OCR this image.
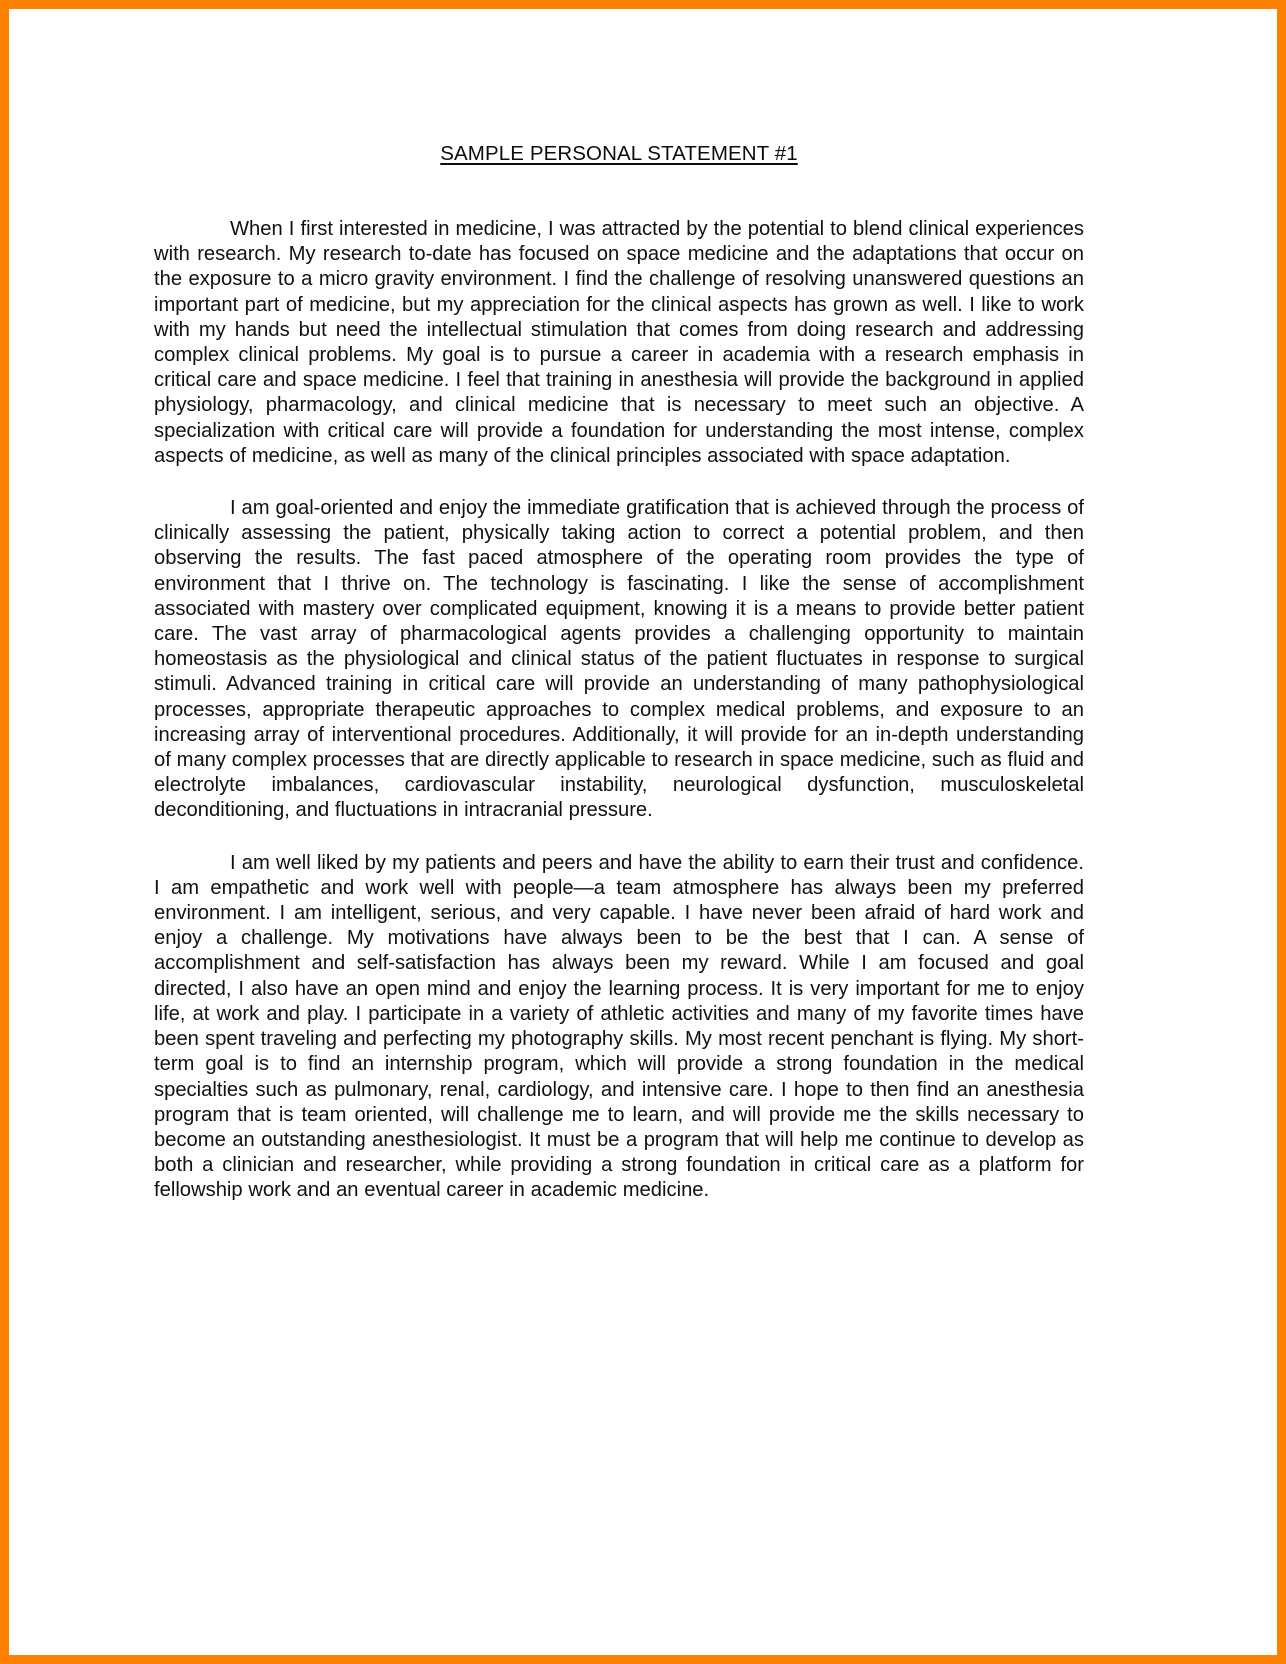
SAMPLE PERSONAL STATEMENT #1

When I first interested in medicine, I was attracted by the potential to blend clinical experiences with research. My research to-date has focused on space medicine and the adaptations that occur on the exposure to a micro gravity environment. I find the challenge of resolving unanswered questions an important part of medicine, but my appreciation for the clinical aspects has grown as well. I like to work with my hands but need the intellectual stimulation that comes from doing research and addressing complex clinical problems. My goal is to pursue a career in academia with a research emphasis in critical care and space medicine. I feel that training in anesthesia will provide the background in applied physiology, pharmacology, and clinical medicine that is necessary to meet such an objective. A specialization with critical care will provide a foundation for understanding the most intense, complex aspects of medicine, as well as many of the clinical principles associated with space adaptation.

I am goal-oriented and enjoy the immediate gratification that is achieved through the process of clinically assessing the patient, physically taking action to correct a potential problem, and then observing the results. The fast paced atmosphere of the operating room provides the type of environment that I thrive on. The technology is fascinating. I like the sense of accomplishment associated with mastery over complicated equipment, knowing it is a means to provide better patient care. The vast array of pharmacological agents provides a challenging opportunity to maintain homeostasis as the physiological and clinical status of the patient fluctuates in response to surgical stimuli. Advanced training in critical care will provide an understanding of many pathophysiological processes, appropriate therapeutic approaches to complex medical problems, and exposure to an increasing array of interventional procedures. Additionally, it will provide for an in-depth understanding of many complex processes that are directly applicable to research in space medicine, such as fluid and electrolyte imbalances, cardiovascular instability, neurological dysfunction, musculoskeletal deconditioning, and fluctuations in intracranial pressure.

I am well liked by my patients and peers and have the ability to earn their trust and confidence. I am empathetic and work well with people—a team atmosphere has always been my preferred environment. I am intelligent, serious, and very capable. I have never been afraid of hard work and enjoy a challenge. My motivations have always been to be the best that I can. A sense of accomplishment and self-satisfaction has always been my reward. While I am focused and goal directed, I also have an open mind and enjoy the learning process. It is very important for me to enjoy life, at work and play. I participate in a variety of athletic activities and many of my favorite times have been spent traveling and perfecting my photography skills. My most recent penchant is flying. My short-term goal is to find an internship program, which will provide a strong foundation in the medical specialties such as pulmonary, renal, cardiology, and intensive care. I hope to then find an anesthesia program that is team oriented, will challenge me to learn, and will provide me the skills necessary to become an outstanding anesthesiologist. It must be a program that will help me continue to develop as both a clinician and researcher, while providing a strong foundation in critical care as a platform for fellowship work and an eventual career in academic medicine.
